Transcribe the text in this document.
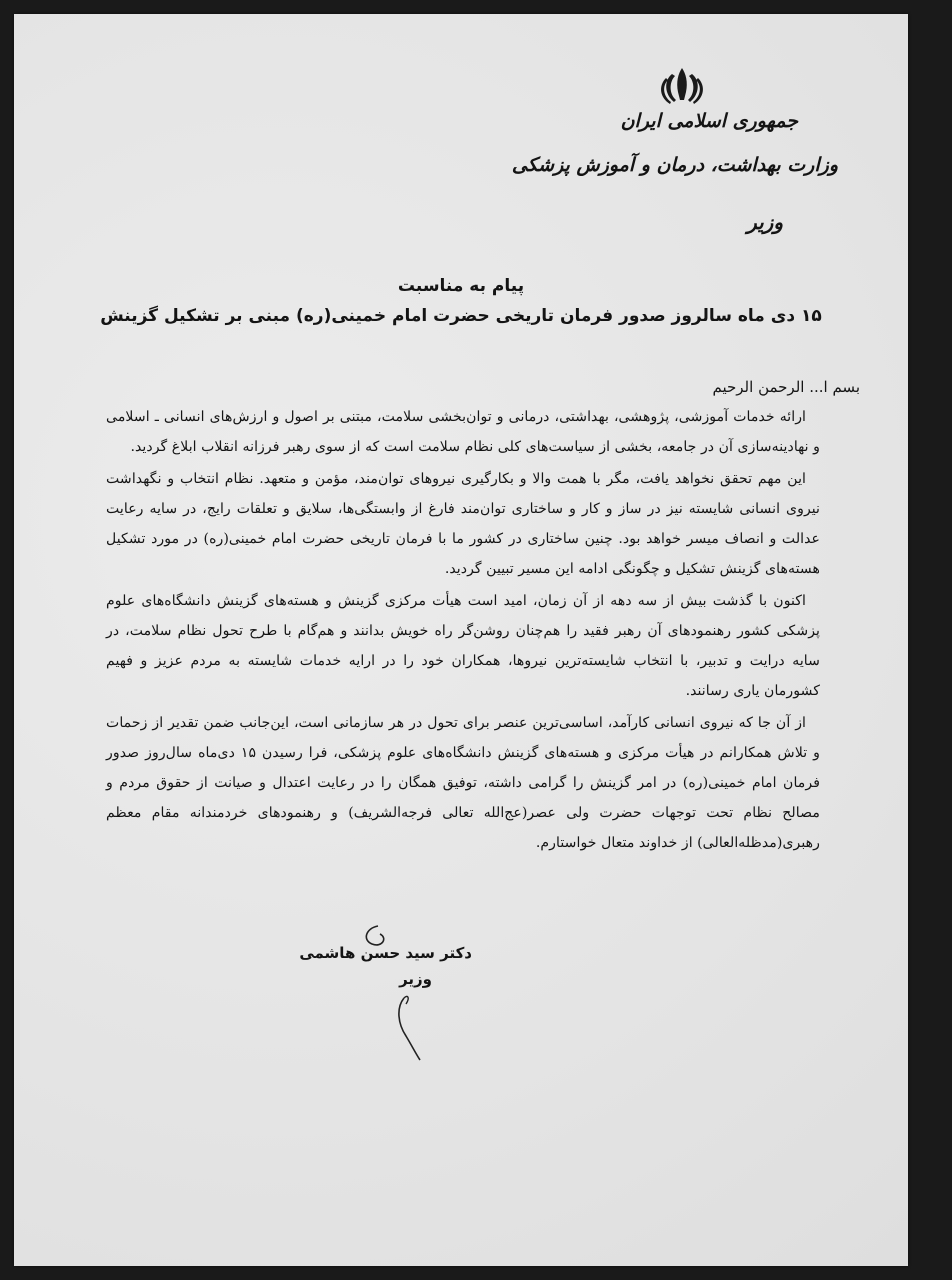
جمهوری اسلامی ایران
وزارت بهداشت، درمان و آموزش پزشکی
وزیر
پیام به مناسبت
۱۵ دی ماه سالروز صدور فرمان تاریخی حضرت امام خمینی(ره) مبنی بر تشکیل گزینش
بسم ا... الرحمن الرحیم

ارائه خدمات آموزشی، پژوهشی، بهداشتی، درمانی و توان‌بخشی سلامت، مبتنی بر اصول و ارزش‌های انسانی ـ اسلامی و نهادینه‌سازی آن در جامعه، بخشی از سیاست‌های کلی نظام سلامت است که از سوی رهبر فرزانه انقلاب ابلاغ گردید.

این مهم تحقق نخواهد یافت، مگر با همت والا و بکارگیری نیروهای توان‌مند، مؤمن و متعهد. نظام انتخاب و نگهداشت نیروی انسانی شایسته نیز در ساز و کار و ساختاری توان‌مند فارغ از وابستگی‌ها، سلایق و تعلقات رایج، در سایه رعایت عدالت و انصاف میسر خواهد بود. چنین ساختاری در کشور ما با فرمان تاریخی حضرت امام خمینی(ره) در مورد تشکیل هسته‌های گزینش تشکیل و چگونگی ادامه این مسیر تبیین گردید.

اکنون با گذشت بیش از سه دهه از آن زمان، امید است هیأت مرکزی گزینش و هسته‌های گزینش دانشگاه‌های علوم پزشکی کشور رهنمودهای آن رهبر فقید را هم‌چنان روشن‌گر راه خویش بدانند و هم‌گام با طرح تحول نظام سلامت، در سایه درایت و تدبیر، با انتخاب شایسته‌ترین نیروها، همکاران خود را در ارایه خدمات شایسته به مردم عزیز و فهیم کشورمان یاری رسانند.

از آن جا که نیروی انسانی کارآمد، اساسی‌ترین عنصر برای تحول در هر سازمانی است، این‌جانب ضمن تقدیر از زحمات و تلاش همکارانم در هیأت مرکزی و هسته‌های گزینش دانشگاه‌های علوم پزشکی، فرا رسیدن ۱۵ دی‌ماه سال‌روز صدور فرمان امام خمینی(ره) در امر گزینش را گرامی داشته، توفیق همگان را در رعایت اعتدال و صیانت از حقوق مردم و مصالح نظام تحت توجهات حضرت ولی عصر(عج‌الله تعالی فرجه‌الشریف) و رهنمودهای خردمندانه مقام معظم رهبری(مدظله‌العالی) از خداوند متعال خواستارم.

دکتر سید حسن هاشمی
وزیر
